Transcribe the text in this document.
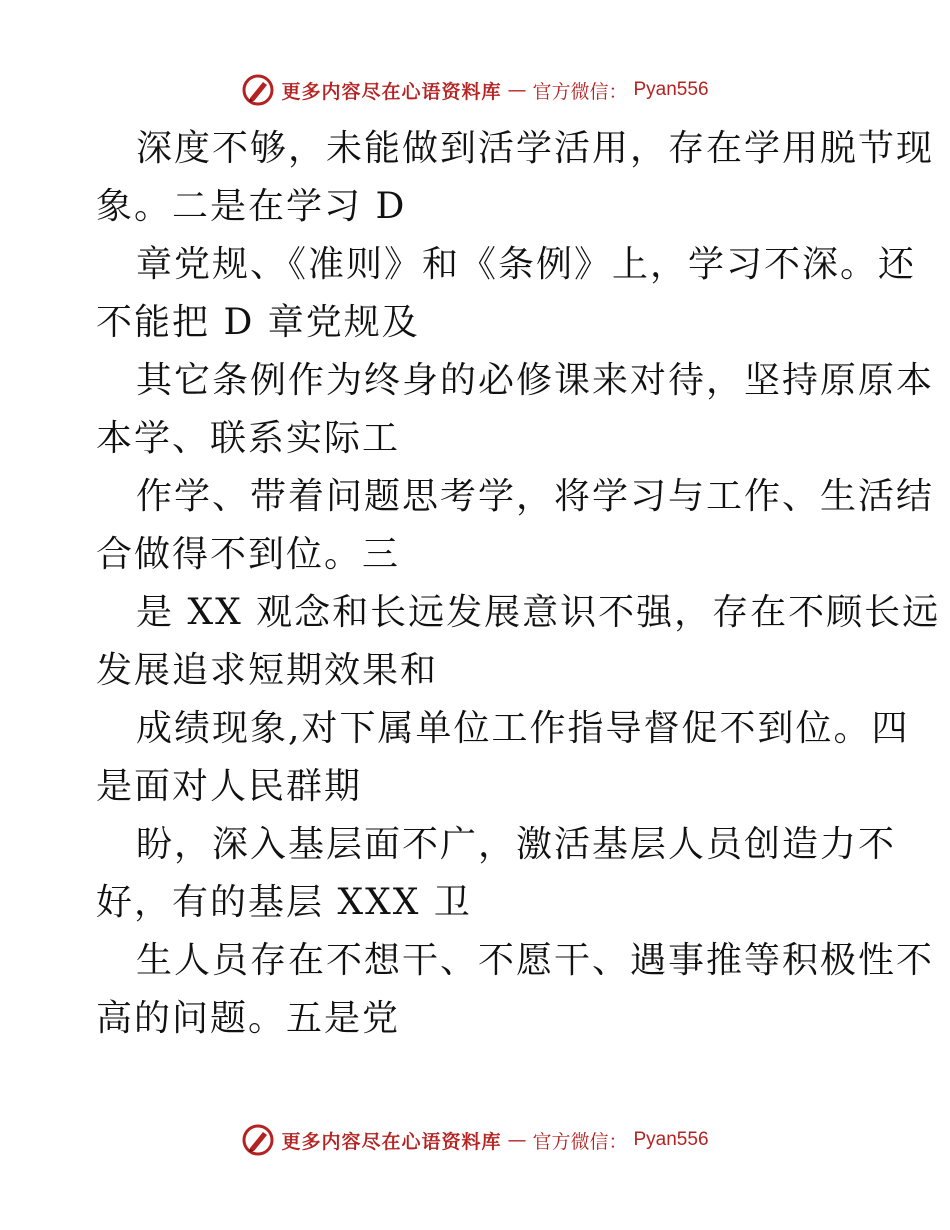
更多内容尽在心语资料库 — 官方微信： Pyan556
深度不够，未能做到活学活用，存在学用脱节现
象。二是在学习 D
章党规、《准则》和《条例》上，学习不深。还
不能把 D 章党规及
其它条例作为终身的必修课来对待，坚持原原本
本学、联系实际工
作学、带着问题思考学，将学习与工作、生活结
合做得不到位。三
是 XX 观念和长远发展意识不强，存在不顾长远
发展追求短期效果和
成绩现象,对下属单位工作指导督促不到位。四
是面对人民群期
盼，深入基层面不广，激活基层人员创造力不
好，有的基层 XXX 卫
生人员存在不想干、不愿干、遇事推等积极性不
高的问题。五是党
更多内容尽在心语资料库 — 官方微信： Pyan556
